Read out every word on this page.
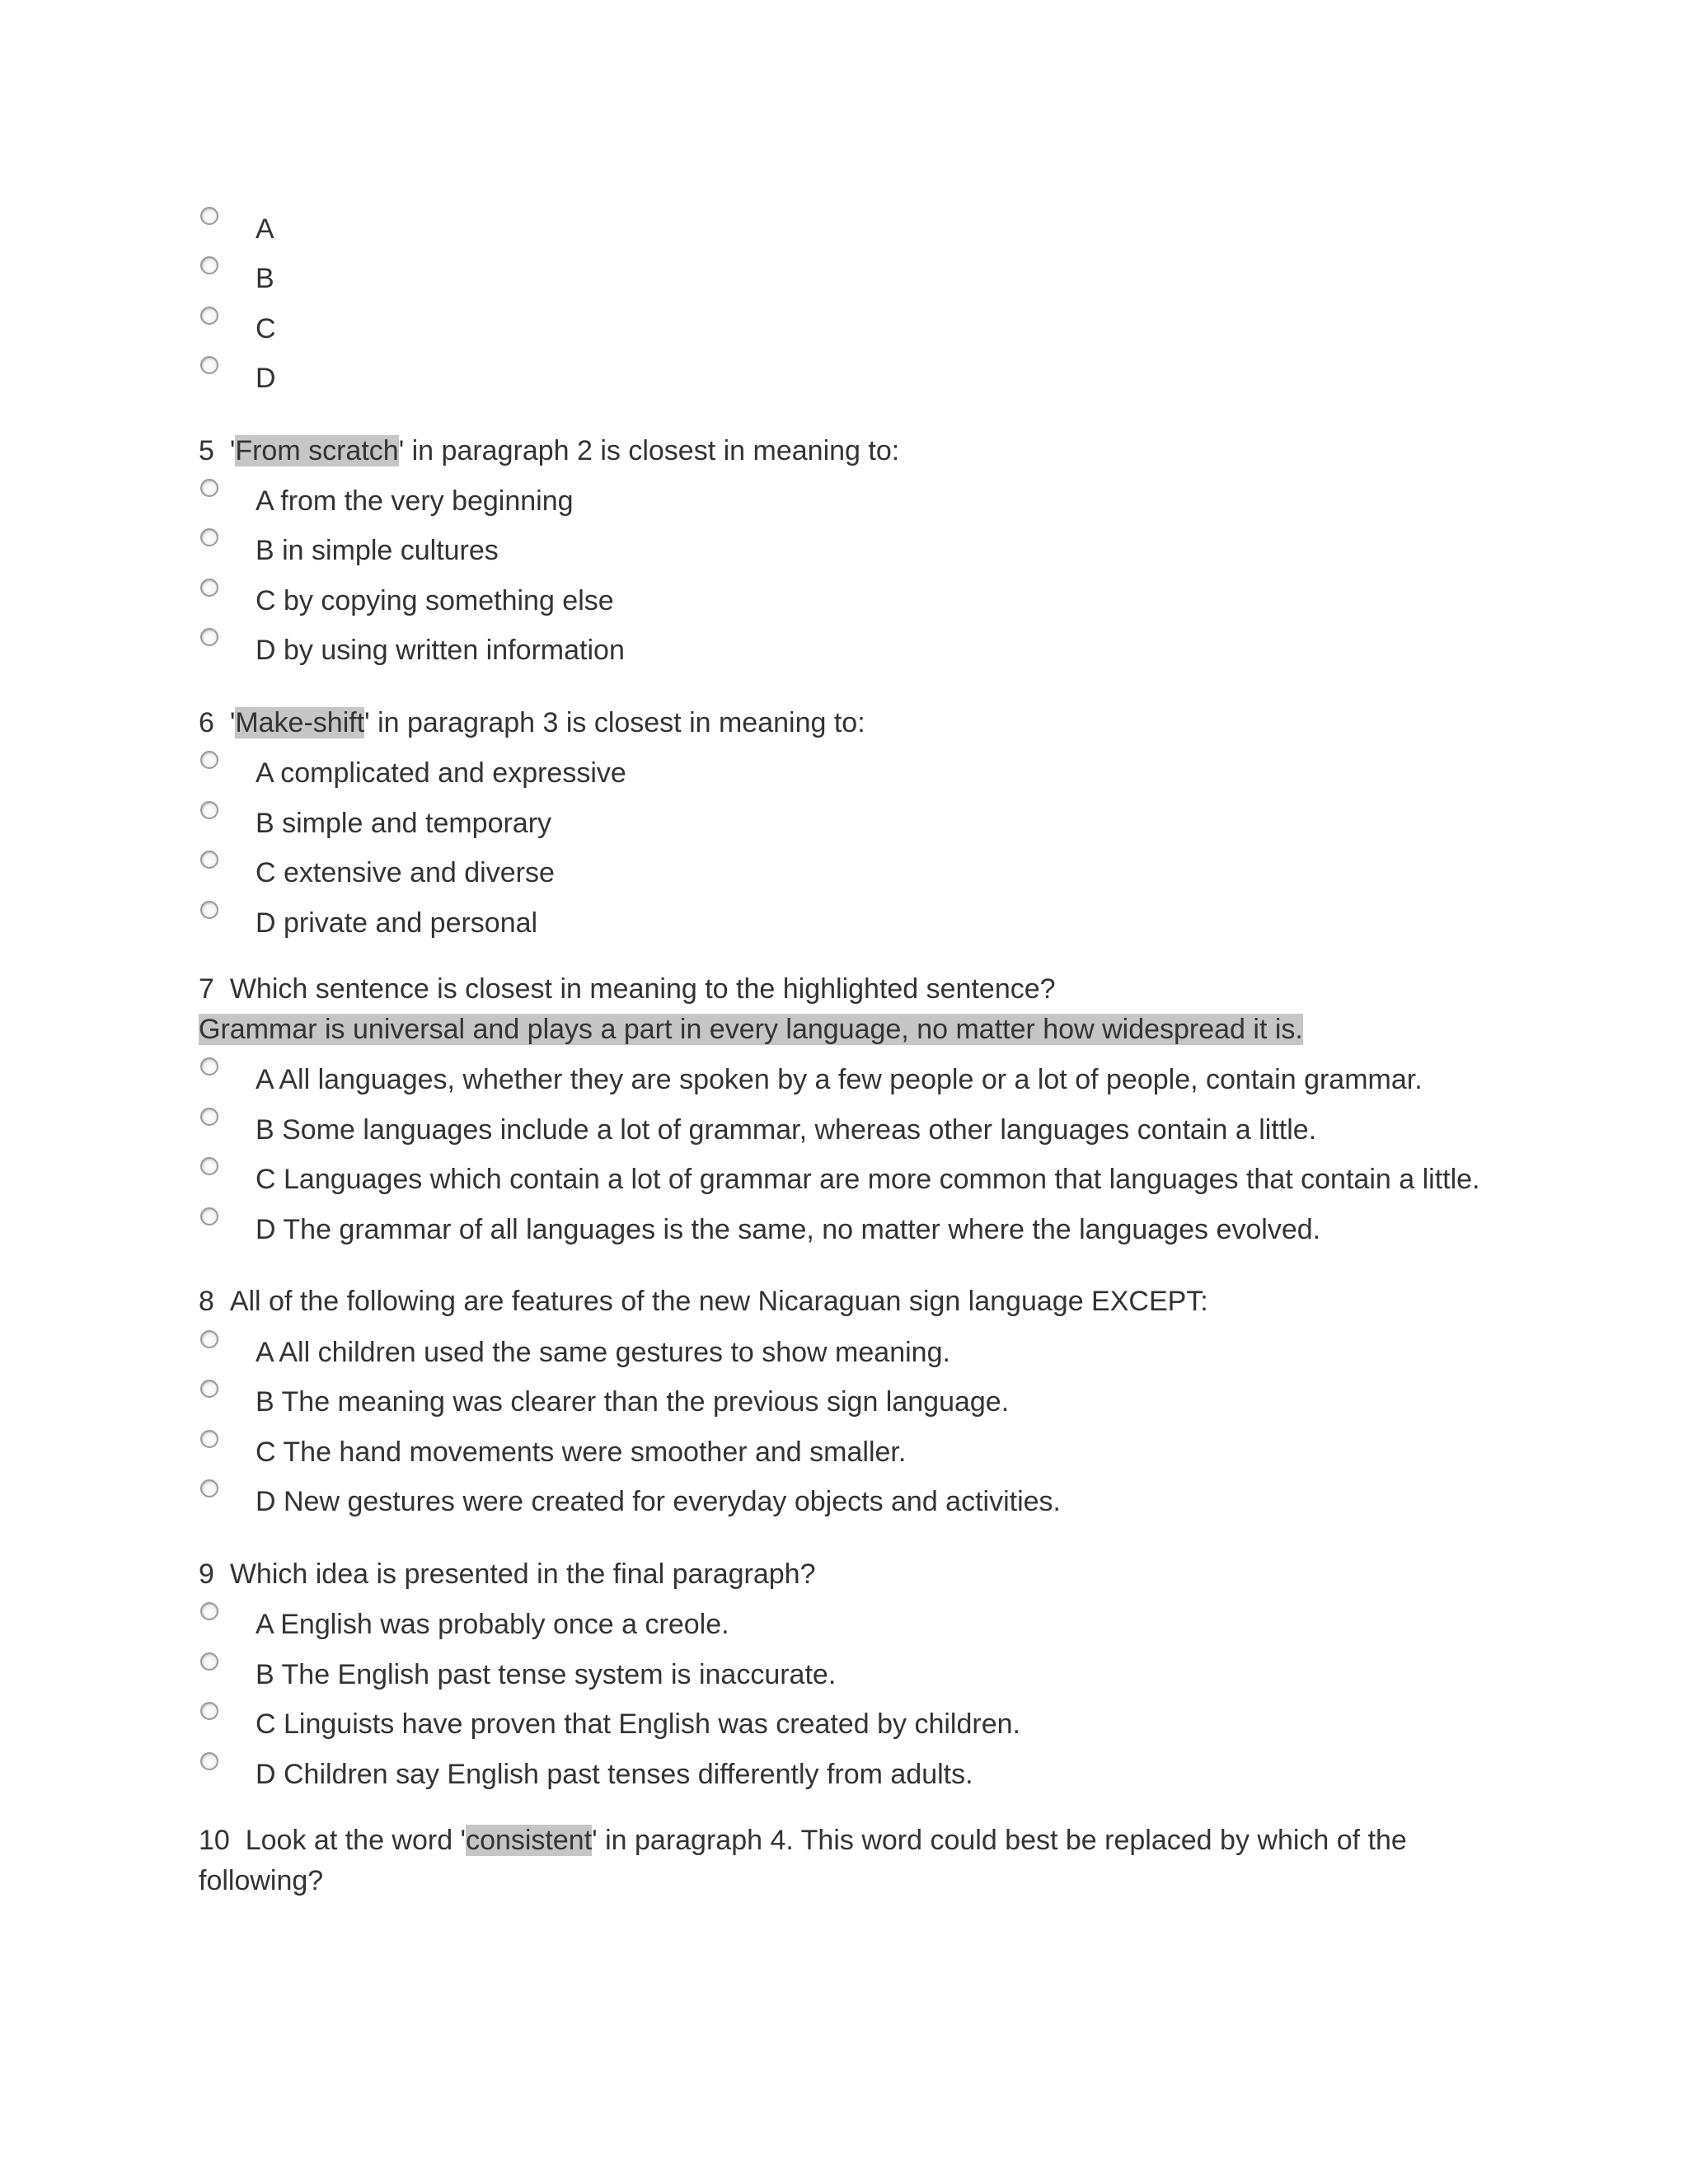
A
B
C
D
5 'From scratch' in paragraph 2 is closest in meaning to:
A from the very beginning
B in simple cultures
C by copying something else
D by using written information
6 'Make-shift' in paragraph 3 is closest in meaning to:
A complicated and expressive
B simple and temporary
C extensive and diverse
D private and personal
7 Which sentence is closest in meaning to the highlighted sentence?
Grammar is universal and plays a part in every language, no matter how widespread it is.
A All languages, whether they are spoken by a few people or a lot of people, contain grammar.
B Some languages include a lot of grammar, whereas other languages contain a little.
C Languages which contain a lot of grammar are more common that languages that contain a little.
D The grammar of all languages is the same, no matter where the languages evolved.
8 All of the following are features of the new Nicaraguan sign language EXCEPT:
A All children used the same gestures to show meaning.
B The meaning was clearer than the previous sign language.
C The hand movements were smoother and smaller.
D New gestures were created for everyday objects and activities.
9 Which idea is presented in the final paragraph?
A English was probably once a creole.
B The English past tense system is inaccurate.
C Linguists have proven that English was created by children.
D Children say English past tenses differently from adults.
10 Look at the word 'consistent' in paragraph 4. This word could best be replaced by which of the
following?
